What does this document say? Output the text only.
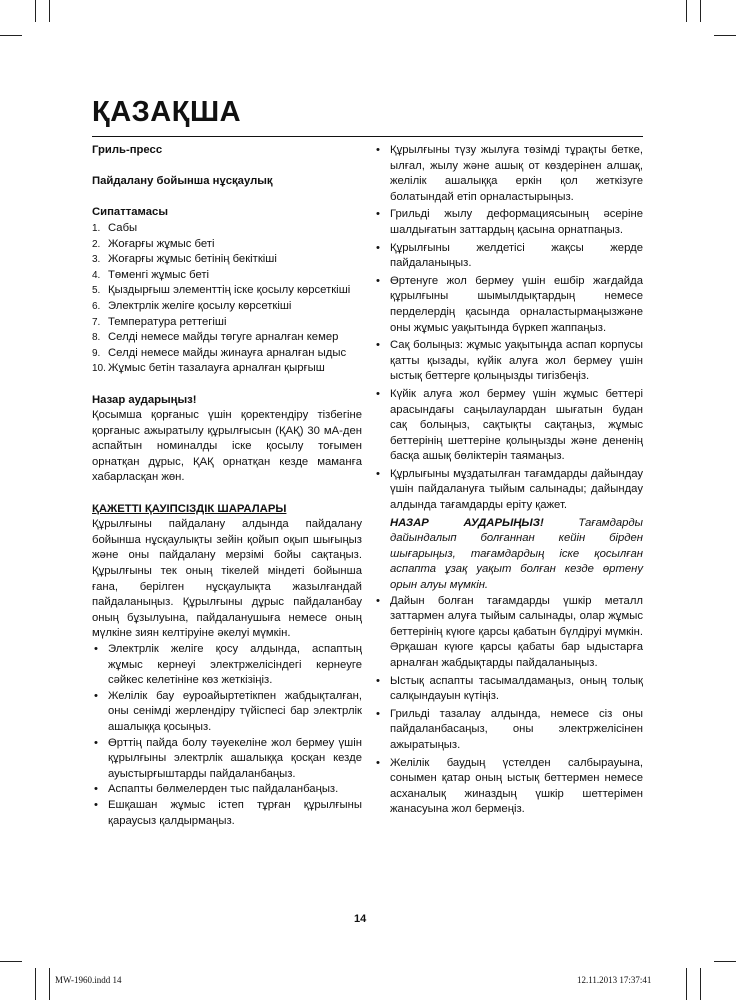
ҚАЗАҚША

Гриль-пресс

Пайдалану бойынша нұсқаулық

Сипаттамасы

1. Сабы
2. Жоғарғы жұмыс беті
3. Жоғарғы жұмыс бетінің бекіткіші
4. Төменгі жұмыс беті
5. Қыздырғыш элементтің іске қосылу көрсеткіші
6. Электрлік желіге қосылу көрсеткіші
7. Температура реттегіші
8. Селді немесе майды төгуге арналған кемер
9. Селді немесе майды жинауға арналған ыдыс
10. Жұмыс бетін тазалауға арналған қырғыш

Назар аударыңыз!

Қосымша қорғаныс үшін қоректендіру тізбегіне қорғаныс ажыратылу құрылғысын (ҚАҚ) 30 мА-ден аспайтын номиналды іске қосылу тоғымен орнатқан дұрыс, ҚАҚ орнатқан кезде маманға хабарласқан жөн.

ҚАЖЕТТІ ҚАУІПСІЗДІК ШАРАЛАРЫ

Құрылғыны пайдалану алдында пайдалану бойынша нұсқаулықты зейін қойып оқып шығыңыз және оны пайдалану мерзімі бойы сақтаңыз. Құрылғыны тек оның тікелей міндеті бойынша ғана, берілген нұсқаулықта жазылғандай пайдаланыңыз. Құрылғыны дұрыс пайдаланбау оның бұзылуына, пайдаланушыға немесе оның мүлкіне зиян келтіруіне әкелуі мүмкін.

• Электрлік желіге қосу алдында, аспаптың жұмыс кернеуі электржелісіндегі кернеуге сәйкес келетініне көз жеткізіңіз.
• Желілік бау еуроайыртетікпен жабдықталған, оны сенімді жерлендіру түйіспесі бар электрлік ашалыққа қосыңыз.
• Өрттің пайда болу тәуекеліне жол бермеу үшін құрылғыны электрлік ашалыққа қосқан кезде ауыстырғыштарды пайдаланбаңыз.
• Аспапты бөлмелерден тыс пайдаланбаңыз.
• Ешқашан жұмыс істеп тұрған құрылғыны қараусыз қалдырмаңыз.
• Құрылғыны түзу жылуға төзімді тұрақты бетке, ылғал, жылу және ашық от көздерінен алшақ, желілік ашалыққа еркін қол жеткізуге болатындай етіп орналастырыңыз.
• Грильді жылу деформациясының әсеріне шалдығатын заттардың қасына орнатпаңыз.
• Құрылғыны желдетісі жақсы жерде пайдаланыңыз.
• Өртенуге жол бермеу үшін ешбір жағдайда құрылғыны шымылдықтардың немесе перделердің қасында орналастырмаңызжәне оны жұмыс уақытында бүркеп жаппаңыз.
• Сақ болыңыз: жұмыс уақытыңда аспап корпусы қатты қызады, күйік алуға жол бермеу үшін ыстық беттерге қолыңызды тигізбеңіз.
• Күйік алуға жол бермеу үшін жұмыс беттері арасындағы саңылаулардан шығатын будан сақ болыңыз, сақтықты сақтаңыз, жұмыс беттерінің шеттеріне қолыңызды және дененің басқа ашық бөліктерін таямаңыз.
• Құрлығыны мұздатылған тағамдарды дайындау үшін пайдалануға тыйым салынады; дайындау алдында тағамдарды еріту қажет.

НАЗАР АУДАРЫҢЫЗ!	Тағамдарды дайындалып болғаннан кейін бірден шығарыңыз, тағамдардың іске қосылған аспапта ұзақ уақыт болған кезде өртену орын алуы мүмкін.

• Дайын болған тағамдарды үшкір металл заттармен алуға тыйым салынады, олар жұмыс беттерінің күюге қарсы қабатын бүлдіруі мүмкін. Әрқашан күюге қарсы қабаты бар ыдыстарға арналған жабдықтарды пайдаланыңыз.
• Ыстық аспапты тасымалдамаңыз, оның толық салқындауын күтіңіз.
• Грильді тазалау алдында, немесе сіз оны пайдаланбасаңыз, оны электржелісінен ажыратыңыз.
• Желілік баудың үстелден салбырауына, сонымен қатар оның ыстық беттермен немесе асханалық жиназдың үшкір шеттерімен жанасуына жол бермеңіз.
14
MW-1960.indd 14	12.11.2013 17:37:41
